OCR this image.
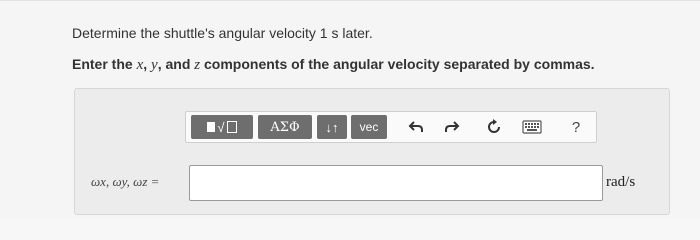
Determine the shuttle's angular velocity 1 s later.
Enter the x, y, and z components of the angular velocity separated by commas.
√	ΑΣΦ	↓↑	vec	?
ωx, ωy, ωz =	rad/s
